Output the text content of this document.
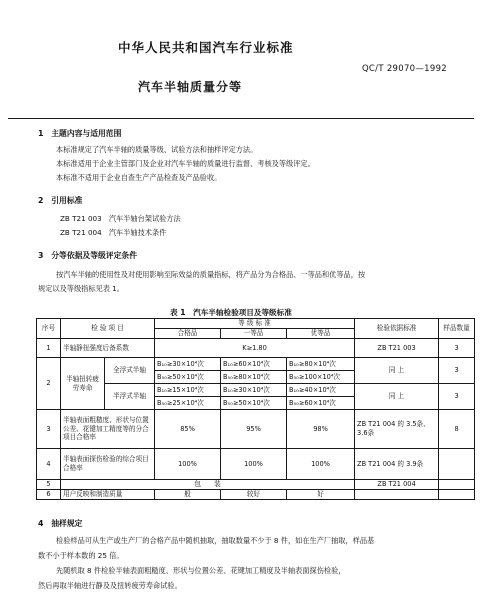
中华人民共和国汽车行业标准
QC/T 29070—1992
汽车半轴质量分等
1　主题内容与适用范围
本标准规定了汽车半轴的质量等级、试验方法和抽样评定方法。
本标准适用于企业主管部门及企业对汽车半轴的质量进行监督、考核及等级评定。
本标准不适用于企业自查生产产品检查及产品验收。
2　引用标准
ZB T21 003　汽车半轴台架试验方法
ZB T21 004　汽车半轴技术条件
3　分等依据及等级评定条件
按汽车半轴的使用性及对使用影响至际效益的质量指标，将产品分为合格品、一等品和优等品，按
规定以及等级指标见表 1。
表 1　汽车半轴检验项目及等级标准
序号	检 验 项 目		等 级 标 准			检验依据标准	样品数量
			合格品	一等品	优等品		
1	半轴静扭强度后备系数		K≥1.80			ZB T21 003	3
2	半轴扭转疲劳寿命	全浮式半轴	B₁₀≥30×10⁴次	B₁₀≥60×10⁴次	B₁₀≥80×10⁴次	同 上	3
			B₅₀≥50×10⁴次	B₅₀≥80×10⁴次	B₅₀≥100×10⁴次		
		半浮式半轴	B₁₀≥15×10⁴次	B₁₀≥30×10⁴次	B₁₀≥40×10⁴次	同 上	3
			B₅₀≥25×10⁴次	B₅₀≥50×10⁴次	B₅₀≥60×10⁴次		
3	半轴表面粗糙度、形状与位置公差、花键加工精度等的分合项目合格率		85%	95%	98%	ZB T21 004 的 3.5条、3.6条	8
4	半轴表面探伤检验的综合项目合格率		100%	100%	100%	ZB T21 004 的 3.9条	
5	包　　装					ZB T21 004	
6	用户反映和制造质量		般	较好	好		
4　抽样规定
检验样品可从生产或生产厂的合格产品中随机抽取，抽取数量不少于 8 件，如在生产厂抽取，样品基
数不小于样本数的 25 倍。
先随机取 8 件检验半轴表面粗糙度、形状与位置公差、花键加工精度及半轴表面探伤检验，
然后再取半轴进行静及及扭转疲劳寿命试验。
